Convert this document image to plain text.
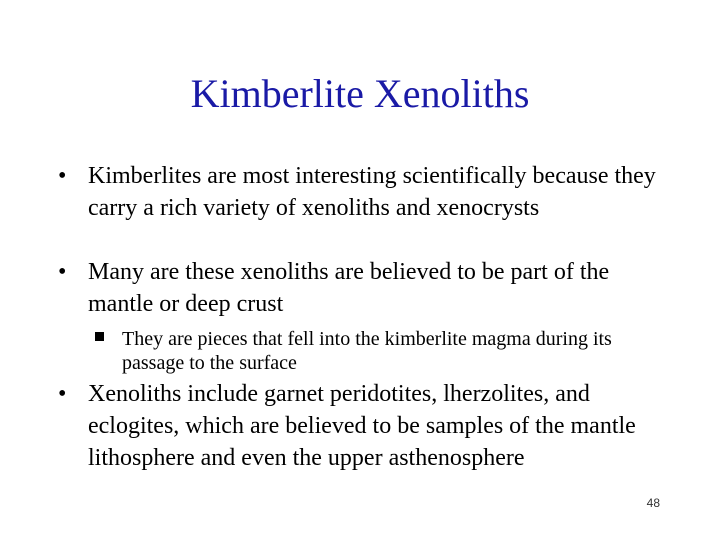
Kimberlite Xenoliths
• Kimberlites are most interesting scientifically because they carry a rich variety of xenoliths and xenocrysts
• Many are these xenoliths are believed to be part of the mantle or deep crust
They are pieces that fell into the kimberlite magma during its passage to the surface
• Xenoliths include garnet peridotites, lherzolites, and eclogites, which are believed to be samples of the mantle lithosphere and even the upper asthenosphere
48
